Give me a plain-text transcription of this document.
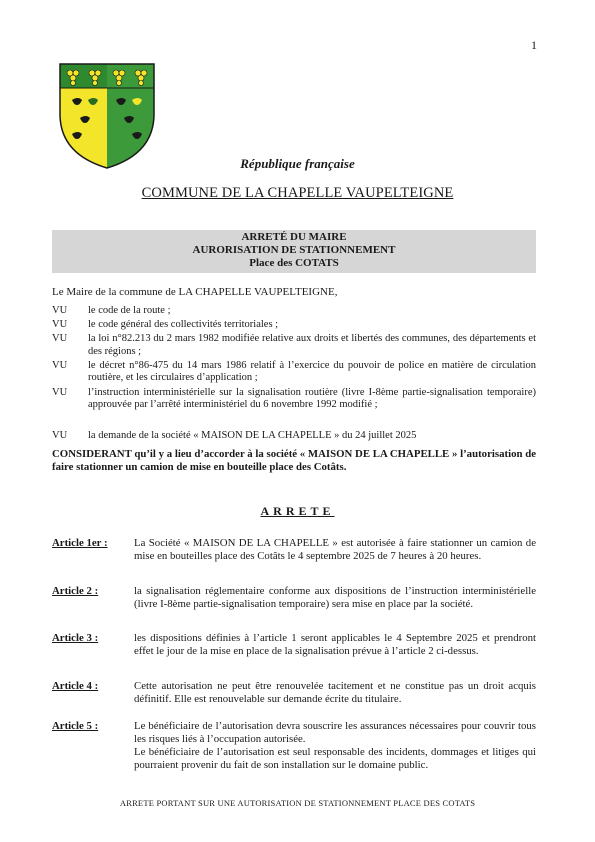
1
République française
COMMUNE DE LA CHAPELLE VAUPELTEIGNE
ARRETÉ DU MAIRE
AURORISATION DE STATIONNEMENT
Place des COTATS
Le Maire de la commune de LA CHAPELLE VAUPELTEIGNE,
VU	le code de la route ;
VU	le code général des collectivités territoriales ;
VU	la loi n°82.213 du 2 mars 1982 modifiée relative aux droits et libertés des communes, des départements et des régions ;
VU	le décret n°86-475 du 14 mars 1986 relatif à l’exercice du pouvoir de police en matière de circulation routière, et les circulaires d’application ;
VU	l’instruction interministérielle sur la signalisation routière (livre I-8ème partie-signalisation temporaire) approuvée par l’arrêté interministériel du 6 novembre 1992 modifié ;
VU	la demande de la société « MAISON DE LA CHAPELLE » du 24 juillet 2025
CONSIDERANT qu’il y a lieu d’accorder à la société « MAISON DE LA CHAPELLE » l’autorisation de faire stationner un camion de mise en bouteille place des Cotâts.
ARRETE
Article 1er :	La Société « MAISON DE LA CHAPELLE » est autorisée à faire stationner un camion de mise en bouteilles place des Cotâts le 4 septembre 2025 de 7 heures à 20 heures.
Article 2 :	la signalisation réglementaire conforme aux dispositions de l’instruction interministérielle (livre I-8ème partie-signalisation temporaire) sera mise en place par la société.
Article 3 :	les dispositions définies à l’article 1 seront applicables le 4 Septembre 2025 et prendront effet le jour de la mise en place de la signalisation prévue à l’article 2 ci-dessus.
Article 4 :	Cette autorisation ne peut être renouvelée tacitement et ne constitue pas un droit acquis définitif. Elle est renouvelable sur demande écrite du titulaire.
Article 5 :	Le bénéficiaire de l’autorisation devra souscrire les assurances nécessaires pour couvrir tous les risques liés à l’occupation autorisée.
Le bénéficiaire de l’autorisation est seul responsable des incidents, dommages et litiges qui pourraient provenir du fait de son installation sur le domaine public.
ARRETE PORTANT SUR UNE AUTORISATION DE STATIONNEMENT PLACE DES COTATS
